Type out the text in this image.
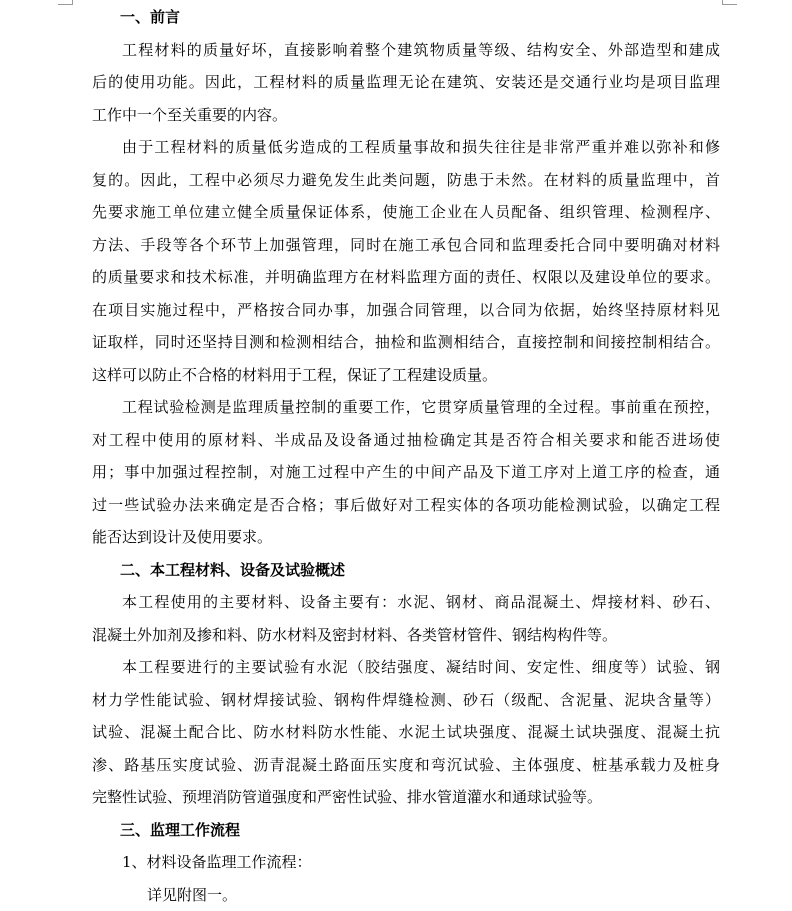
一、前言
工程材料的质量好坏，直接影响着整个建筑物质量等级、结构安全、外部造型和建成
后的使用功能。因此，工程材料的质量监理无论在建筑、安装还是交通行业均是项目监理
工作中一个至关重要的内容。
由于工程材料的质量低劣造成的工程质量事故和损失往往是非常严重并难以弥补和修
复的。因此，工程中必须尽力避免发生此类问题，防患于未然。在材料的质量监理中，首
先要求施工单位建立健全质量保证体系，使施工企业在人员配备、组织管理、检测程序、
方法、手段等各个环节上加强管理，同时在施工承包合同和监理委托合同中要明确对材料
的质量要求和技术标准，并明确监理方在材料监理方面的责任、权限以及建设单位的要求。
在项目实施过程中，严格按合同办事，加强合同管理，以合同为依据，始终坚持原材料见
证取样，同时还坚持目测和检测相结合，抽检和监测相结合，直接控制和间接控制相结合。
这样可以防止不合格的材料用于工程，保证了工程建设质量。
工程试验检测是监理质量控制的重要工作，它贯穿质量管理的全过程。事前重在预控，
对工程中使用的原材料、半成品及设备通过抽检确定其是否符合相关要求和能否进场使
用；事中加强过程控制，对施工过程中产生的中间产品及下道工序对上道工序的检查，通
过一些试验办法来确定是否合格；事后做好对工程实体的各项功能检测试验，以确定工程
能否达到设计及使用要求。
二、本工程材料、设备及试验概述
本工程使用的主要材料、设备主要有：水泥、钢材、商品混凝土、焊接材料、砂石、
混凝土外加剂及掺和料、防水材料及密封材料、各类管材管件、钢结构构件等。
本工程要进行的主要试验有水泥（胶结强度、凝结时间、安定性、细度等）试验、钢
材力学性能试验、钢材焊接试验、钢构件焊缝检测、砂石（级配、含泥量、泥块含量等）
试验、混凝土配合比、防水材料防水性能、水泥土试块强度、混凝土试块强度、混凝土抗
渗、路基压实度试验、沥青混凝土路面压实度和弯沉试验、主体强度、桩基承载力及桩身
完整性试验、预埋消防管道强度和严密性试验、排水管道灌水和通球试验等。
三、监理工作流程
1、材料设备监理工作流程：
详见附图一。
